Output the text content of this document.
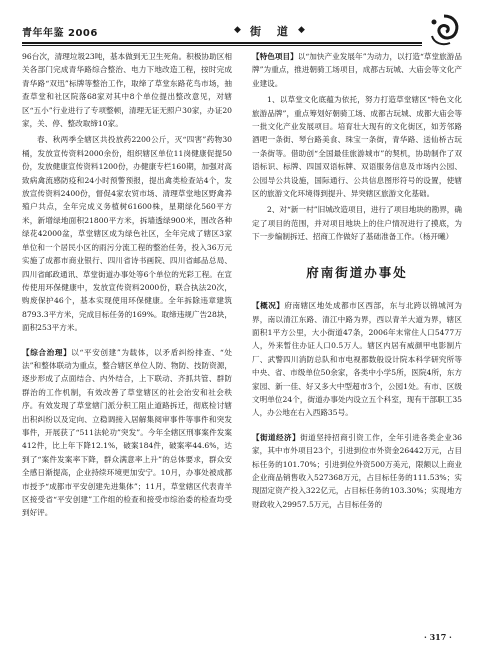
青年年鉴 2006	◆ 街 道 ◆

96台次，清理垃圾23吨，基本做到无卫生死角。积极协助区相关各部门完成青华路综合整治、电力下地改造工程，按时完成青华路“双迅”标牌等整治工作，取缔了草堂东路花鸟市场，抽查草堂和社区院落68家对其中8个单位提出整改意见，对辖区“五小”行业进行了专项整顿，清理无证无照户30家，办证20家，关、停、整改取缔10家。

春、秋两季全辖区共投放药2200公斤，灭“四害”药物30桶，发放宣传资料2000余份，组织辖区单位11岗健康促提50份，发放健康宣传资料1200份，办健康专栏160期，加强对高致病禽流感防疫和24小时预警预报，提出禽类检查站4个，发放宣传资料2400份，督促4家农贸市场、清理草堂地区野禽养殖户共点，全年完成义务植树61600株，星期绿化560平方米，新增绿地面积21800平方米，拆墙透绿900米，围改各种绿花42000盆，草堂辖区成为绿色社区，全年完成了辖区3家单位和一个居民小区的雨污分流工程的整治任务，投入36万元实施了成都市商业银行、四川省诗书画院、四川省邮品总局、四川省邮政通讯、草堂街道办事处等6个单位的光彩工程。在宣传使用环保健康中，发放宣传资料2000份，联合执法20次，购废保护46个，基本实现使用环保健康。全年拆除违章建筑8793.3平方米，完成目标任务的169%。取缔违规广告28块，面积253平方米。

【综合治理】以“平安创建”为载体，以矛盾纠纷排查、“处法”和整体联动为重点，整合辖区单位人防、物防、技防资源，逐步形成了点面结合、内外结合，上下联动、齐抓共管、群防群治的工作机制，有效改善了草堂辖区的社会治安和社会秩序。有效发现了草堂辖门派分积工阻止道路拆迁，彻底检讨辖出积纠纷以及定向、立稳调接入居解集阅审事件等事件和突发事件，开展获了“511法轮功”突发”。今年全辖区刑事案件发案412件，比上年下降12.1%，破案184件，破案率44.6%，达到了“案件发案率下降，群众满意率上升”的总体要求，群众安全感日渐提高，企业持续环境更加安宁。10月，办事处被成都市授予“成都市平安创建先进集体”；11月，草堂辖区代表青羊区接受省“平安创建”工作组的检查和接受市综治委的检查均受到好评。

【特色项目】以“加快产业发展年”为动力，以打造“草堂旅游品牌”为重点，推进朝骑工场项目，成都古玩城、大庙会等文化产业建设。

1、以草堂文化底蕴为依托，努力打造草堂辖区“特色文化旅游品牌”，重点筹划好朝骑工场、成都古玩城、成都大庙会等一批文化产业发展项目。培育壮大现有的文化街区，如芳邻路酒吧一条街、琴台路美食、珠宝一条街，青华路、送仙桥古玩一条街等。借助创“全国最佳旅游城市”的契机，协助制作了双语标识、标牌、四国双语标牌、双语服务信息及市场内公园、公园导公共设施，国际通行、公共信息图形符号的设置，使辖区的旅游文化环境得到提升、异突辖区旅游文化基础。

2、对“新一村”旧城改造项目，进行了项目地块的勘界，确定了项目的范围，并对项目地块上的住户情况进行了摸底，为下一步编制拆迁、招商工作做好了基础准备工作。（杨开曦）

府南街道办事处

【概况】府南辖区地处成都市区西部，东与北跨以锦城河为界，南以清江东路、清江中路为界，西以青羊大道为界，辖区面积1平方公里，大小街道47条，2006年末常住人口5477万人，外来暂住办证人口0.5万人。辖区内居有威颜甲电影制片厂、武警四川消防总队和市电视都数般设计院本科学研究所等中央、省、市级单位50余家，各类中小学5所，医院4所，东方家园、新一佳、好又多大中型超市3个，公园1处。有市、区级文明单位24个，街道办事处内设立五个科室，现有干部职工35人，办公地在右入西路35号。

【街道经济】街道坚持招商引资工作，全年引进各类企业36家，其中市外项目23个，引进到位市外资金26442万元，占目标任务的101.70%；引进到位外资500万美元，限额以上商业企业商品销售收入527368万元，占目标任务的111.53%；实现固定资产投入322亿元，占目标任务的103.30%；实现地方财政收入29957.5万元，占目标任务的

· 317 ·
